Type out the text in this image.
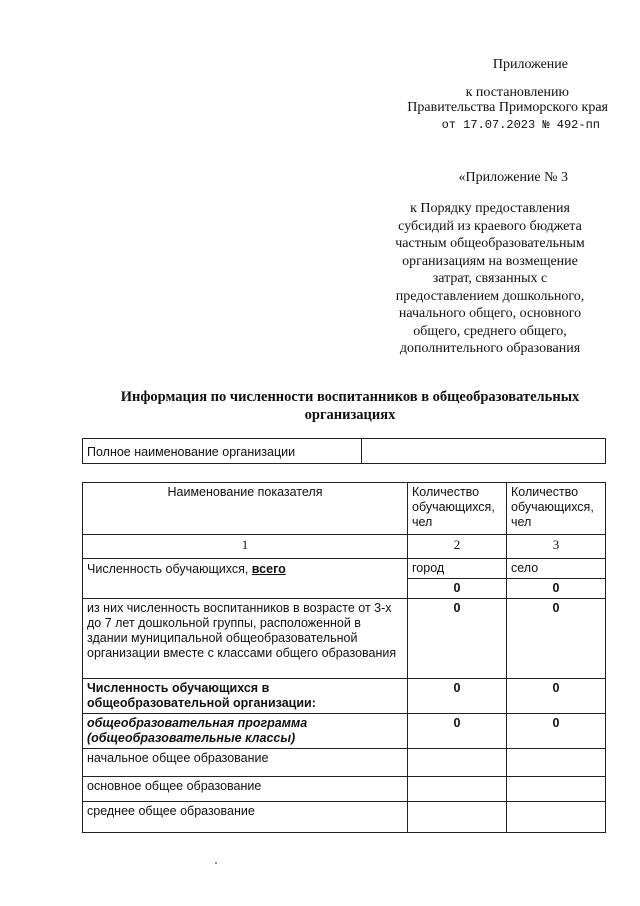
Приложение
к постановлению
Правительства Приморского края
от 17.07.2023 № 492-пп
«Приложение № 3
к Порядку предоставления
субсидий из краевого бюджета
частным общеобразовательным
организациям на возмещение
затрат, связанных с
предоставлением дошкольного,
начального общего, основного
общего, среднего общего,
дополнительного образования
Информация по численности воспитанников в общеобразовательных
организациях
Полное наименование организации	
Наименование показателя	Количество обучающихся, чел	Количество обучающихся, чел
1	2	3
Численность обучающихся, всего	город	село
	0	0
из них численность воспитанников в возрасте от 3-х до 7 лет дошкольной группы, расположенной в здании муниципальной общеобразовательной организации вместе с классами общего образования	0	0
Численность обучающихся в общеобразовательной организации:	0	0
общеобразовательная программа (общеобразовательные классы)	0	0
начальное общее образование		
основное общее образование		
среднее общее образование		
